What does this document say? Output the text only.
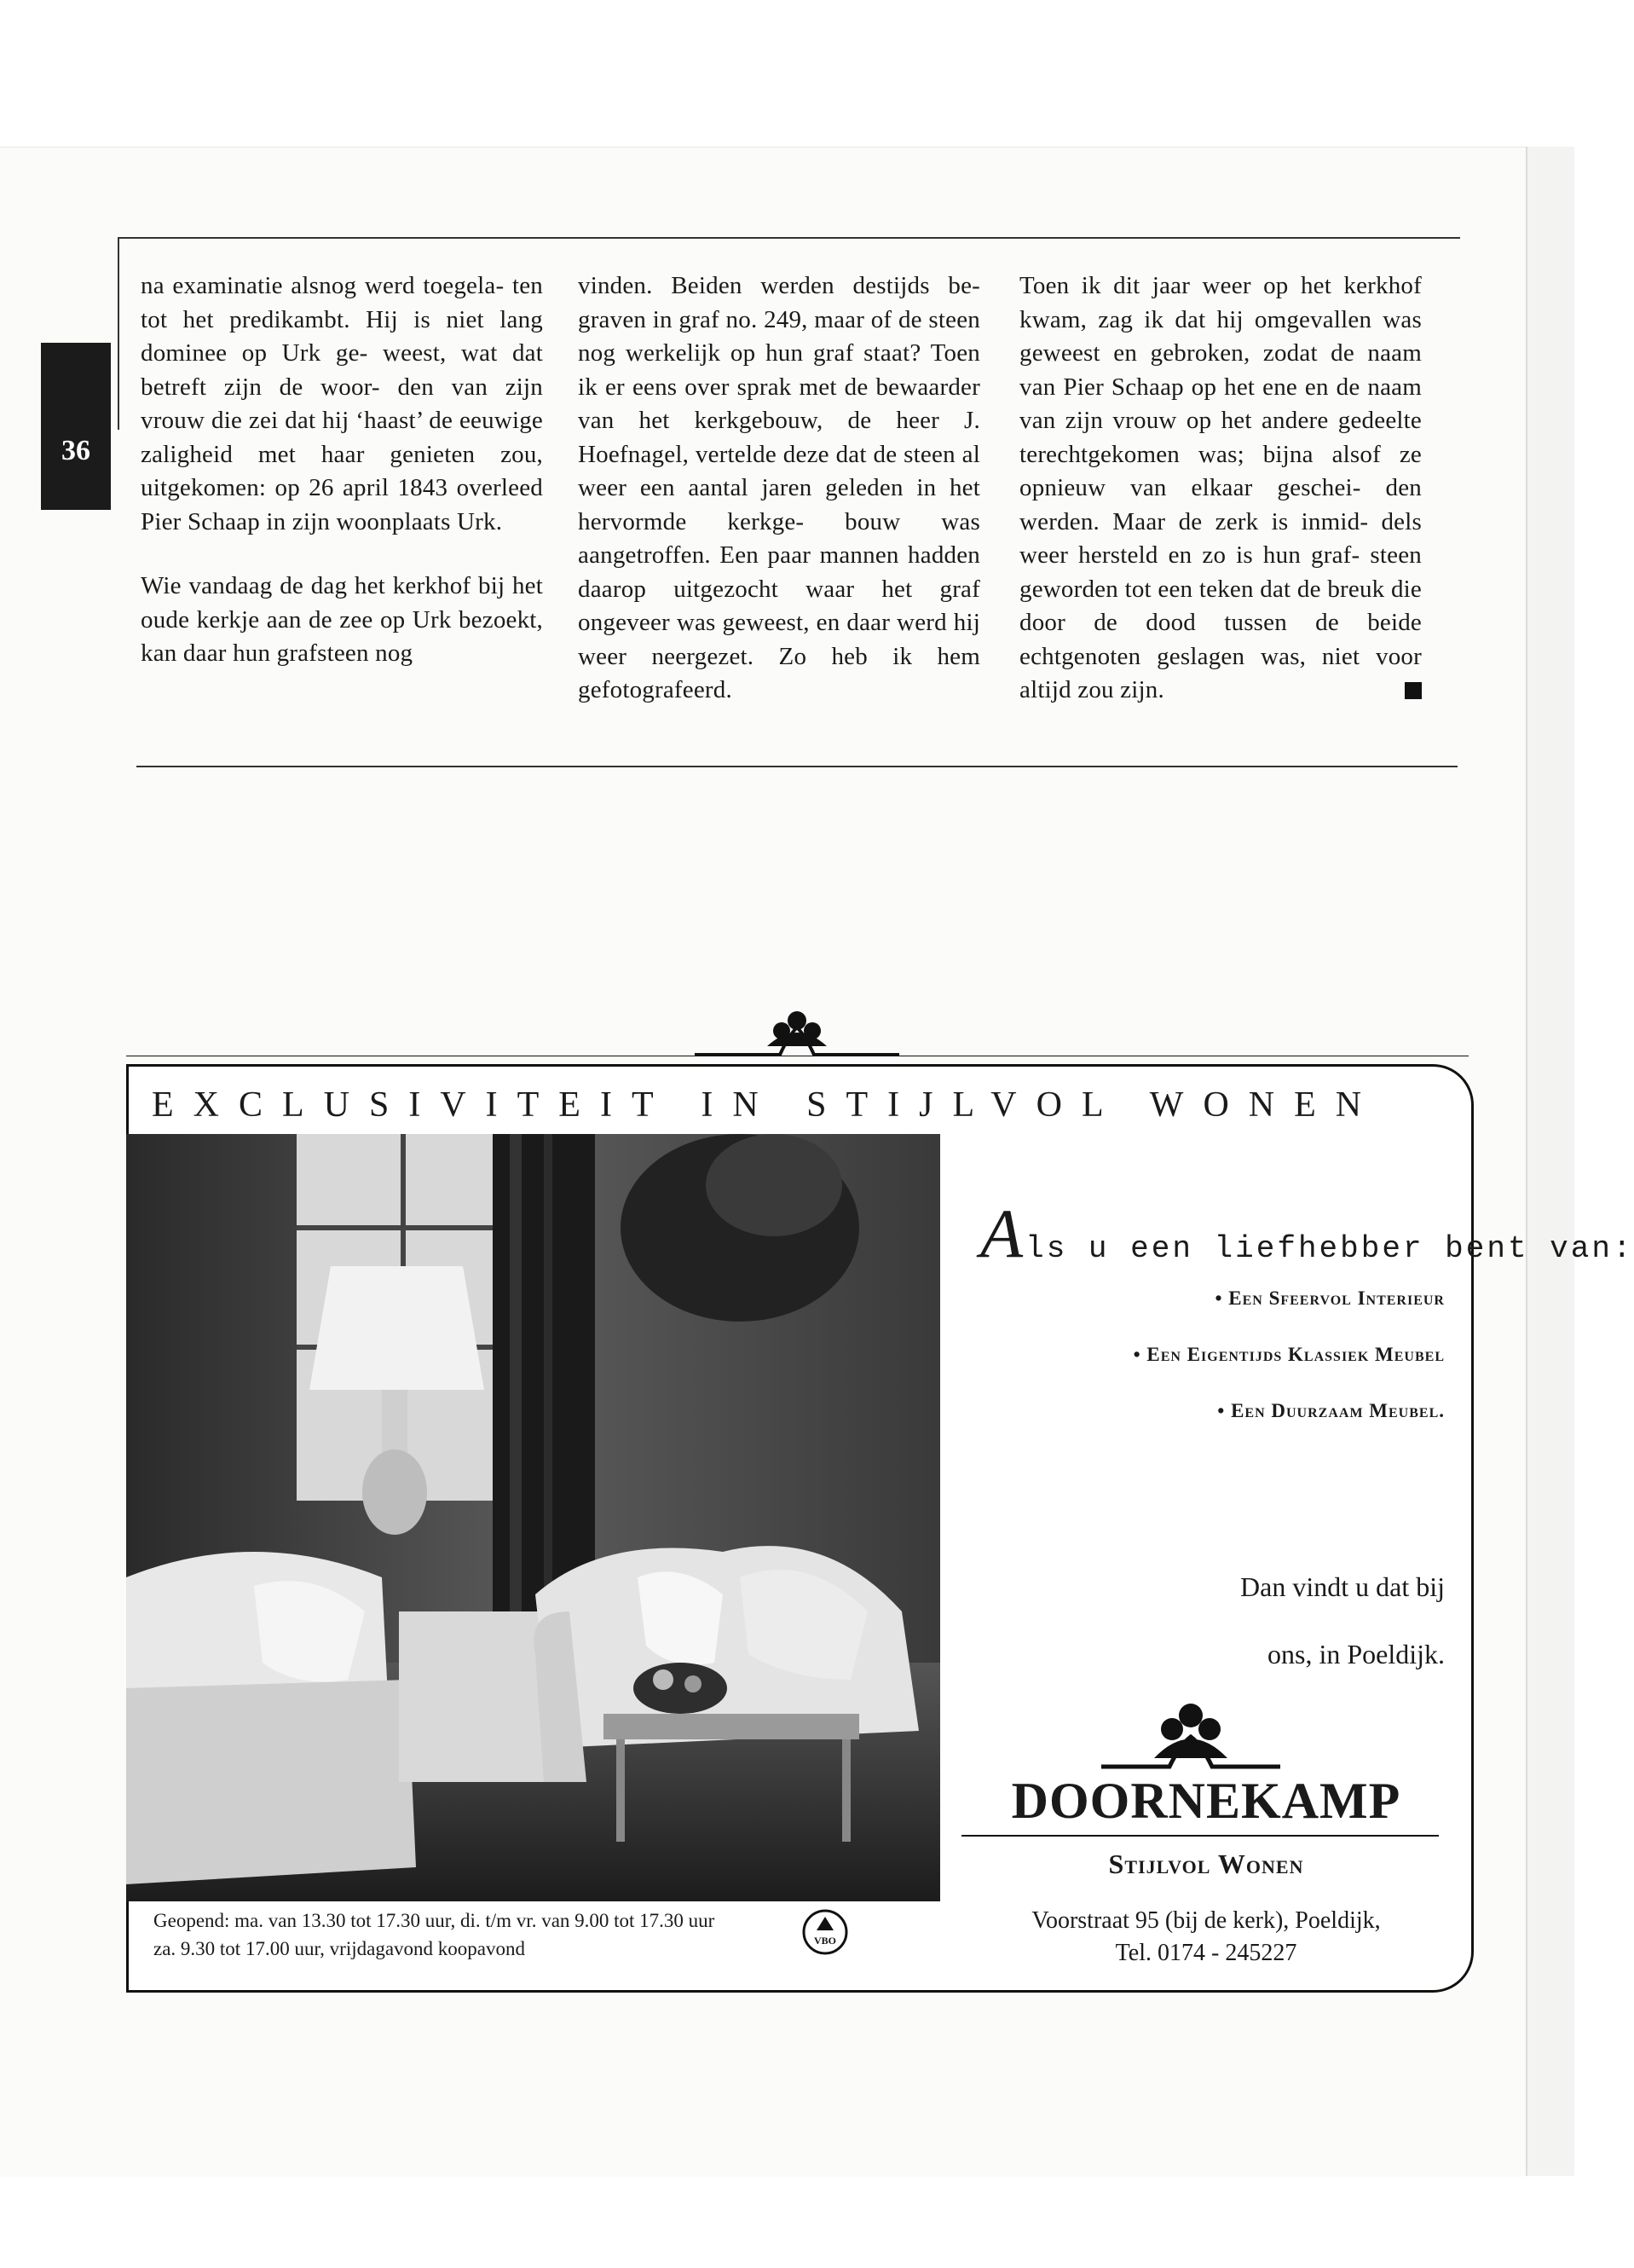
36

na examinatie alsnog werd toegela- ten tot het predikambt. Hij is niet lang dominee op Urk ge- weest, wat dat betreft zijn de woor- den van zijn vrouw die zei dat hij ‘haast’ de eeuwige zaligheid met haar genieten zou, uitgekomen: op 26 april 1843 overleed Pier Schaap in zijn woonplaats Urk.

Wie vandaag de dag het kerkhof bij het oude kerkje aan de zee op Urk bezoekt, kan daar hun grafsteen nog

vinden. Beiden werden destijds be- graven in graf no. 249, maar of de steen nog werkelijk op hun graf staat? Toen ik er eens over sprak met de bewaarder van het kerkgebouw, de heer J. Hoefnagel, vertelde deze dat de steen al weer een aantal jaren geleden in het hervormde kerkge- bouw was aangetroffen. Een paar mannen hadden daarop uitgezocht waar het graf ongeveer was geweest, en daar werd hij weer neergezet. Zo heb ik hem gefotografeerd.

Toen ik dit jaar weer op het kerkhof kwam, zag ik dat hij omgevallen was geweest en gebroken, zodat de naam van Pier Schaap op het ene en de naam van zijn vrouw op het andere gedeelte terechtgekomen was; bijna alsof ze opnieuw van elkaar geschei- den werden. Maar de zerk is inmid- dels weer hersteld en zo is hun graf- steen geworden tot een teken dat de breuk die door de dood tussen de beide echtgenoten geslagen was, niet voor altijd zou zijn.

EXCLUSIVITEIT IN STIJLVOL WONEN
Geopend: ma. van 13.30 tot 17.30 uur, di. t/m vr. van 9.00 tot 17.30 uur
za. 9.30 tot 17.00 uur, vrijdagavond koopavond	VBO
Als u een liefhebber bent van:
• Een Sfeervol Interieur
• Een Eigentijds Klassiek Meubel
• Een Duurzaam Meubel.
Dan vindt u dat bij
ons, in Poeldijk.
DOORNEKAMP
Stijlvol Wonen
Voorstraat 95 (bij de kerk), Poeldijk,
Tel. 0174 - 245227
